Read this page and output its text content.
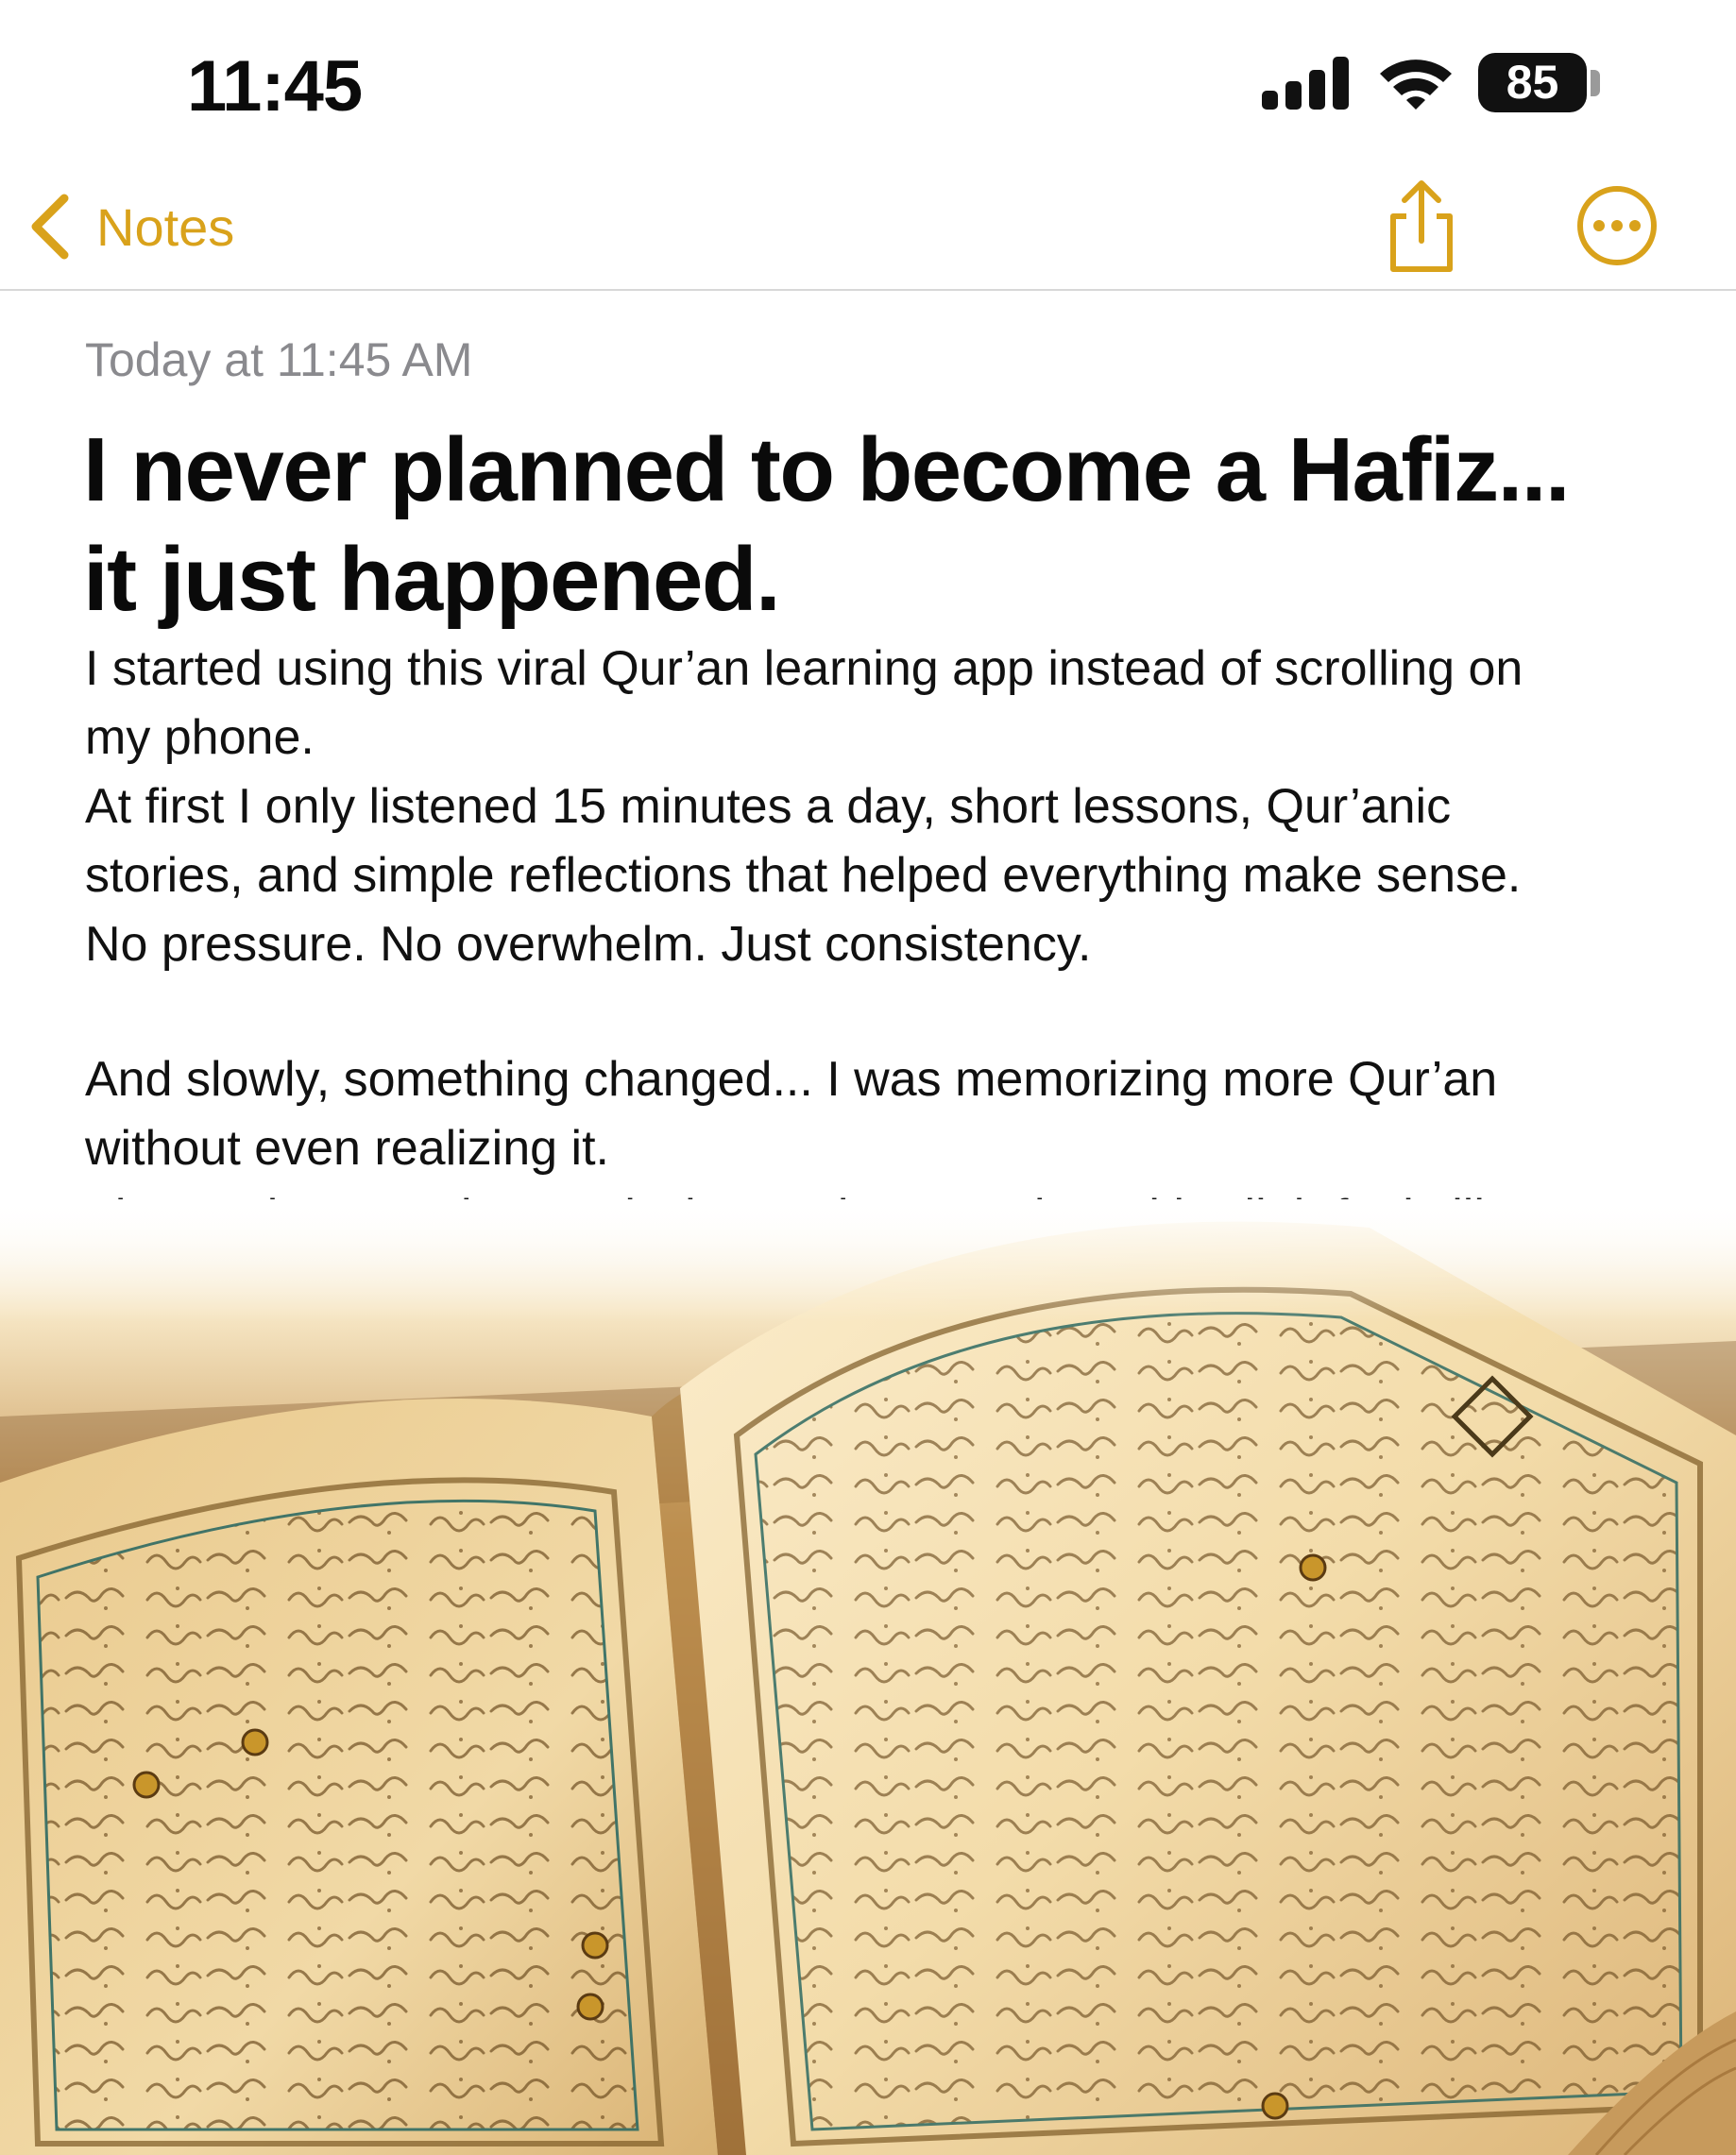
11:45	85
Notes
Today at 11:45 AM
I never planned to become a Hafiz...
it just happened.

I started using this viral Qur’an learning app instead of scrolling on

my phone.

At first I only listened 15 minutes a day, short lessons, Qur’anic

stories, and simple reflections that helped everything make sense.

No pressure. No overwhelm. Just consistency.

And slowly, something changed... I was memorizing more Qur’an

without even realizing it.
